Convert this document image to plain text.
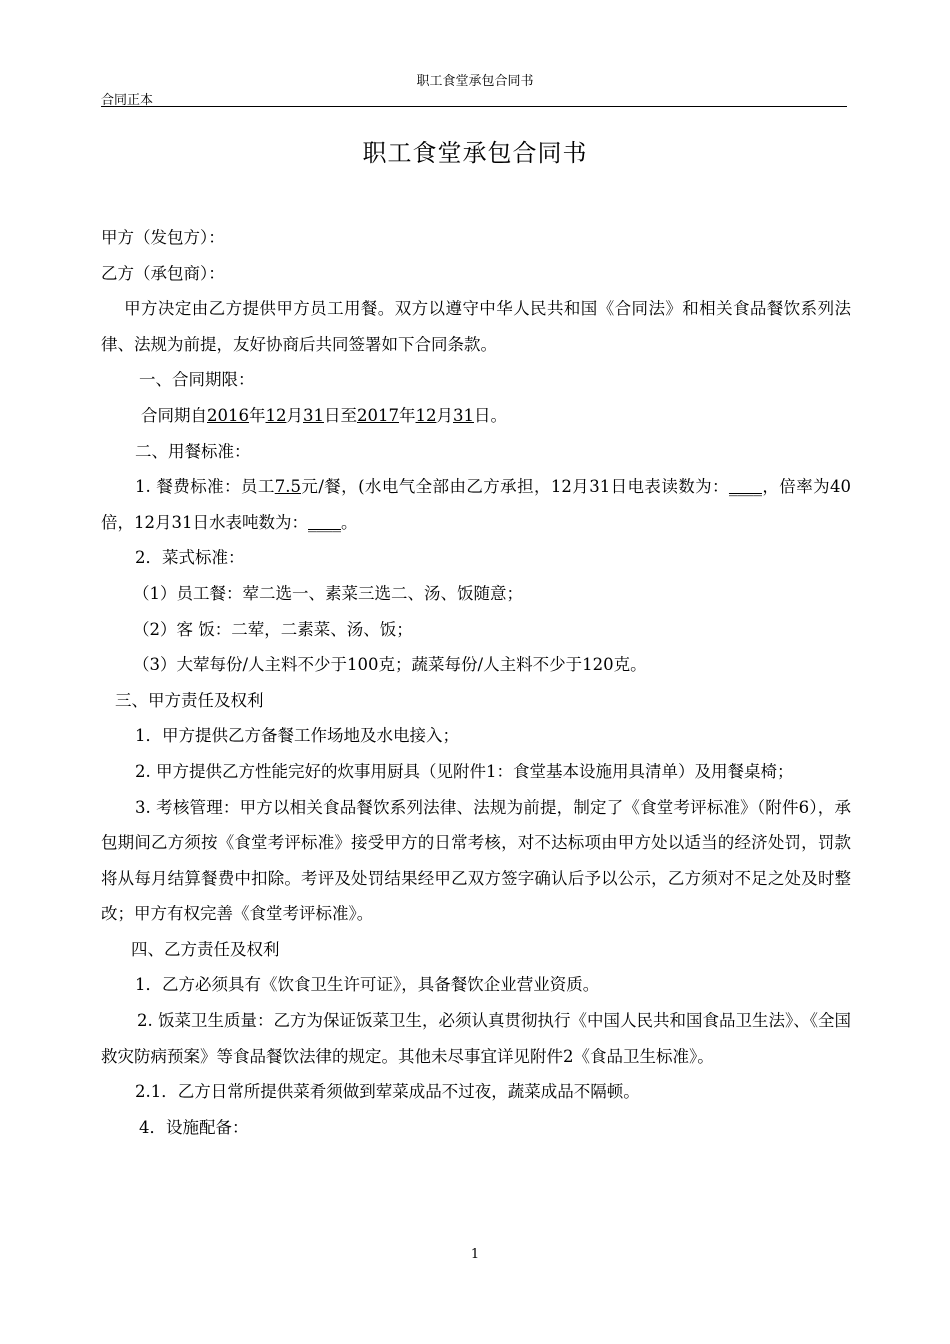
职工食堂承包合同书
合同正本
职工食堂承包合同书

甲方（发包方）：

乙方（承包商）：

甲方决定由乙方提供甲方员工用餐。双方以遵守中华人民共和国《合同法》和相关食品餐饮系列法律、法规为前提，友好协商后共同签署如下合同条款。

一、合同期限：

合同期自2016年12月31日至2017年12月31日。

二、用餐标准：

1. 餐费标准：员工7.5元/餐，(水电气全部由乙方承担，12月31日电表读数为：____，倍率为40倍，12月31日水表吨数为：____。

2．菜式标准：

（1）员工餐：荤二选一、素菜三选二、汤、饭随意；

（2）客 饭：二荤，二素菜、汤、饭；

（3）大荤每份/人主料不少于100克；蔬菜每份/人主料不少于120克。

三、甲方责任及权利

1．甲方提供乙方备餐工作场地及水电接入；

2. 甲方提供乙方性能完好的炊事用厨具（见附件1：食堂基本设施用具清单）及用餐桌椅；

3. 考核管理：甲方以相关食品餐饮系列法律、法规为前提，制定了《食堂考评标准》（附件6），承包期间乙方须按《食堂考评标准》接受甲方的日常考核，对不达标项由甲方处以适当的经济处罚，罚款将从每月结算餐费中扣除。考评及处罚结果经甲乙双方签字确认后予以公示，乙方须对不足之处及时整改；甲方有权完善《食堂考评标准》。

四、乙方责任及权利

1．乙方必须具有《饮食卫生许可证》，具备餐饮企业营业资质。

2. 饭菜卫生质量：乙方为保证饭菜卫生，必须认真贯彻执行《中国人民共和国食品卫生法》、《全国救灾防病预案》等食品餐饮法律的规定。其他未尽事宜详见附件2《食品卫生标准》。

2.1．乙方日常所提供菜肴须做到荤菜成品不过夜，蔬菜成品不隔顿。

4．设施配备：

1
